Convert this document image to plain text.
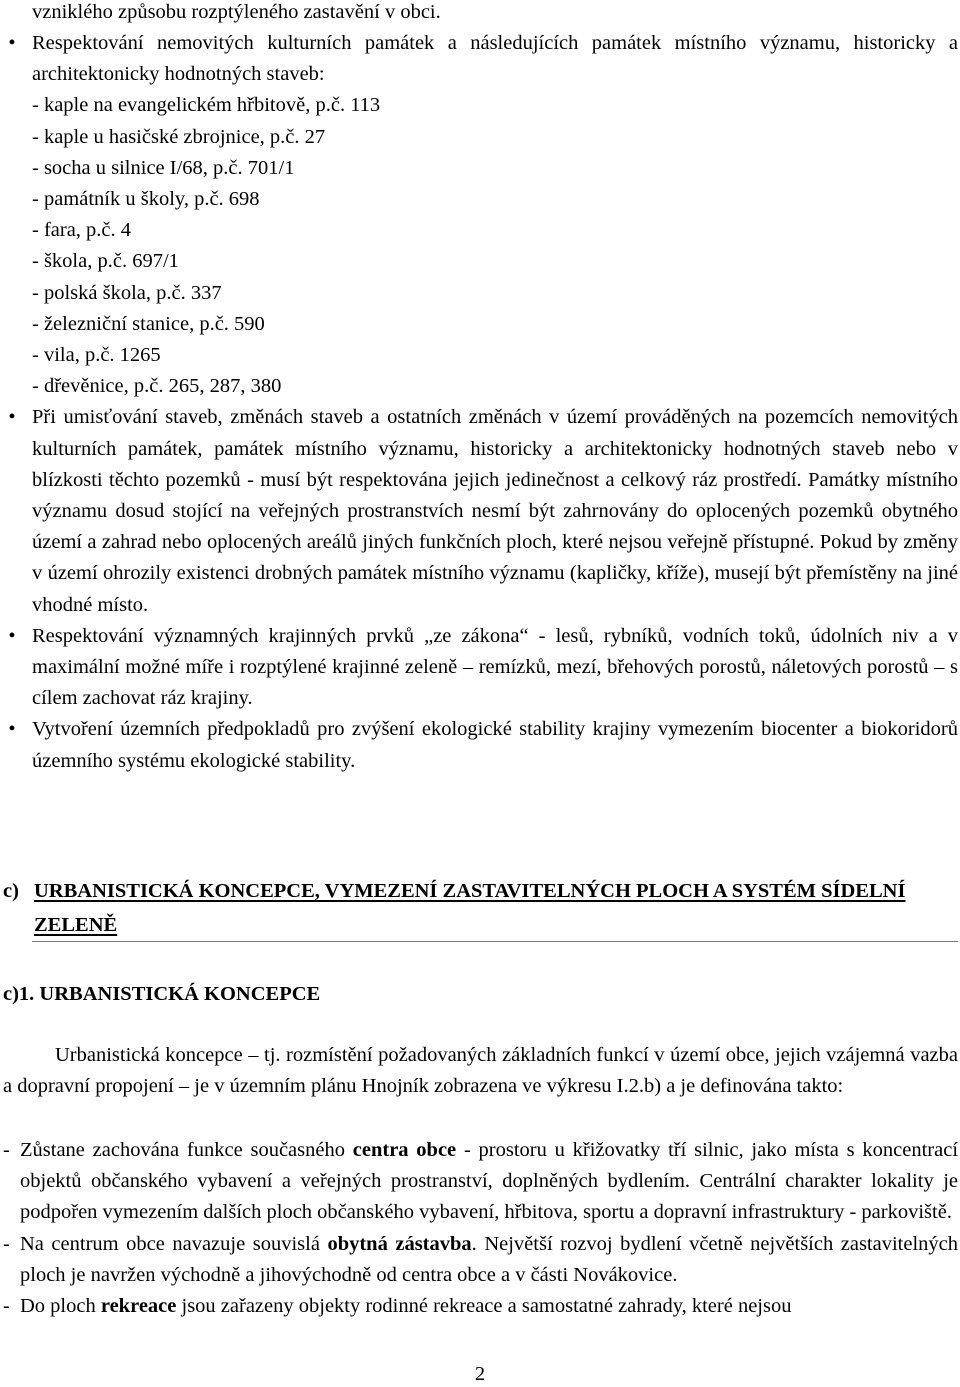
vzniklého způsobu rozptýleného zastavění v obci.
• Respektování nemovitých kulturních památek a následujících památek místního významu, historicky a architektonicky hodnotných staveb:
- kaple na evangelickém hřbitově, p.č. 113
- kaple u hasičské zbrojnice, p.č. 27
- socha u silnice I/68, p.č. 701/1
- památník u školy, p.č. 698
- fara, p.č. 4
- škola, p.č. 697/1
- polská škola, p.č. 337
- železniční stanice, p.č. 590
- vila, p.č. 1265
- dřevěnice, p.č. 265, 287, 380
• Při umisťování staveb, změnách staveb a ostatních změnách v území prováděných na pozemcích nemovitých kulturních památek, památek místního významu, historicky a architektonicky hodnotných staveb nebo v blízkosti těchto pozemků - musí být respektována jejich jedinečnost a celkový ráz prostředí. Památky místního významu dosud stojící na veřejných prostranstvích nesmí být zahrnovány do oplocených pozemků obytného území a zahrad nebo oplocených areálů jiných funkčních ploch, které nejsou veřejně přístupné. Pokud by změny v území ohrozily existenci drobných památek místního významu (kapličky, kříže), musejí být přemístěny na jiné vhodné místo.
• Respektování významných krajinných prvků „ze zákona“ - lesů, rybníků, vodních toků, údolních niv a v maximální možné míře i rozptýlené krajinné zeleně – remízků, mezí, břehových porostů, náletových porostů – s cílem zachovat ráz krajiny.
• Vytvoření územních předpokladů pro zvýšení ekologické stability krajiny vymezením biocenter a biokoridorů územního systému ekologické stability.
c) URBANISTICKÁ KONCEPCE, VYMEZENÍ ZASTAVITELNÝCH PLOCH A SYSTÉM SÍDELNÍ ZELENĚ
c)1. URBANISTICKÁ KONCEPCE
Urbanistická koncepce – tj. rozmístění požadovaných základních funkcí v území obce, jejich vzájemná vazba a dopravní propojení – je v územním plánu Hnojník zobrazena ve výkresu I.2.b) a je definována takto:
- Zůstane zachována funkce současného centra obce - prostoru u křižovatky tří silnic, jako místa s koncentrací objektů občanského vybavení a veřejných prostranství, doplněných bydlením. Centrální charakter lokality je podpořen vymezením dalších ploch občanského vybavení, hřbitova, sportu a dopravní infrastruktury - parkoviště.
- Na centrum obce navazuje souvislá obytná zástavba. Největší rozvoj bydlení včetně největších zastavitelných ploch je navržen východně a jihovýchodně od centra obce a v části Novákovice.
- Do ploch rekreace jsou zařazeny objekty rodinné rekreace a samostatné zahrady, které nejsou
2
